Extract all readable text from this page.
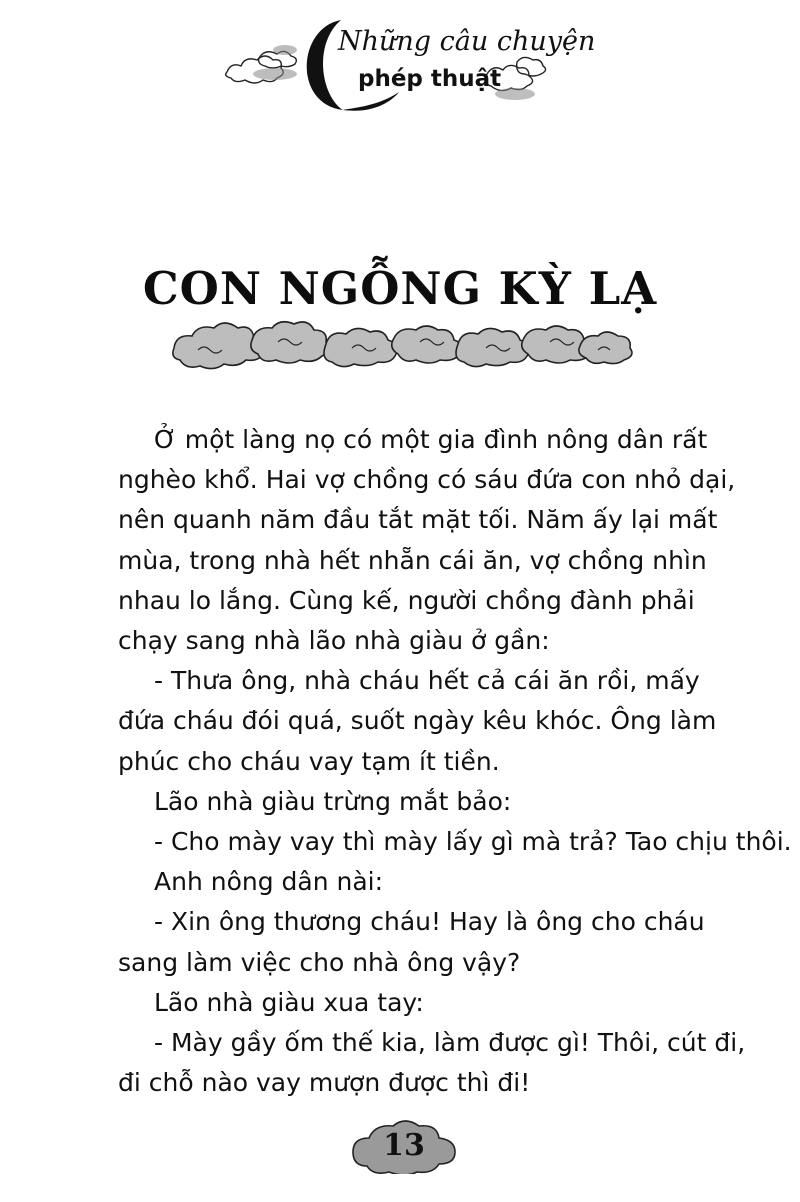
Những câu chuyện
phép thuật
CON NGỖNG KỲ LẠ

Ở một làng nọ có một gia đình nông dân rất

nghèo khổ. Hai vợ chồng có sáu đứa con nhỏ dại,

nên quanh năm đầu tắt mặt tối. Năm ấy lại mất

mùa, trong nhà hết nhẵn cái ăn, vợ chồng nhìn

nhau lo lắng. Cùng kế, người chồng đành phải

chạy sang nhà lão nhà giàu ở gần:

- Thưa ông, nhà cháu hết cả cái ăn rồi, mấy

đứa cháu đói quá, suốt ngày kêu khóc. Ông làm

phúc cho cháu vay tạm ít tiền.

Lão nhà giàu trừng mắt bảo:

- Cho mày vay thì mày lấy gì mà trả? Tao chịu thôi.

Anh nông dân nài:

- Xin ông thương cháu! Hay là ông cho cháu

sang làm việc cho nhà ông vậy?

Lão nhà giàu xua tay:

- Mày gầy ốm thế kia, làm được gì! Thôi, cút đi,

đi chỗ nào vay mượn được thì đi!

13
